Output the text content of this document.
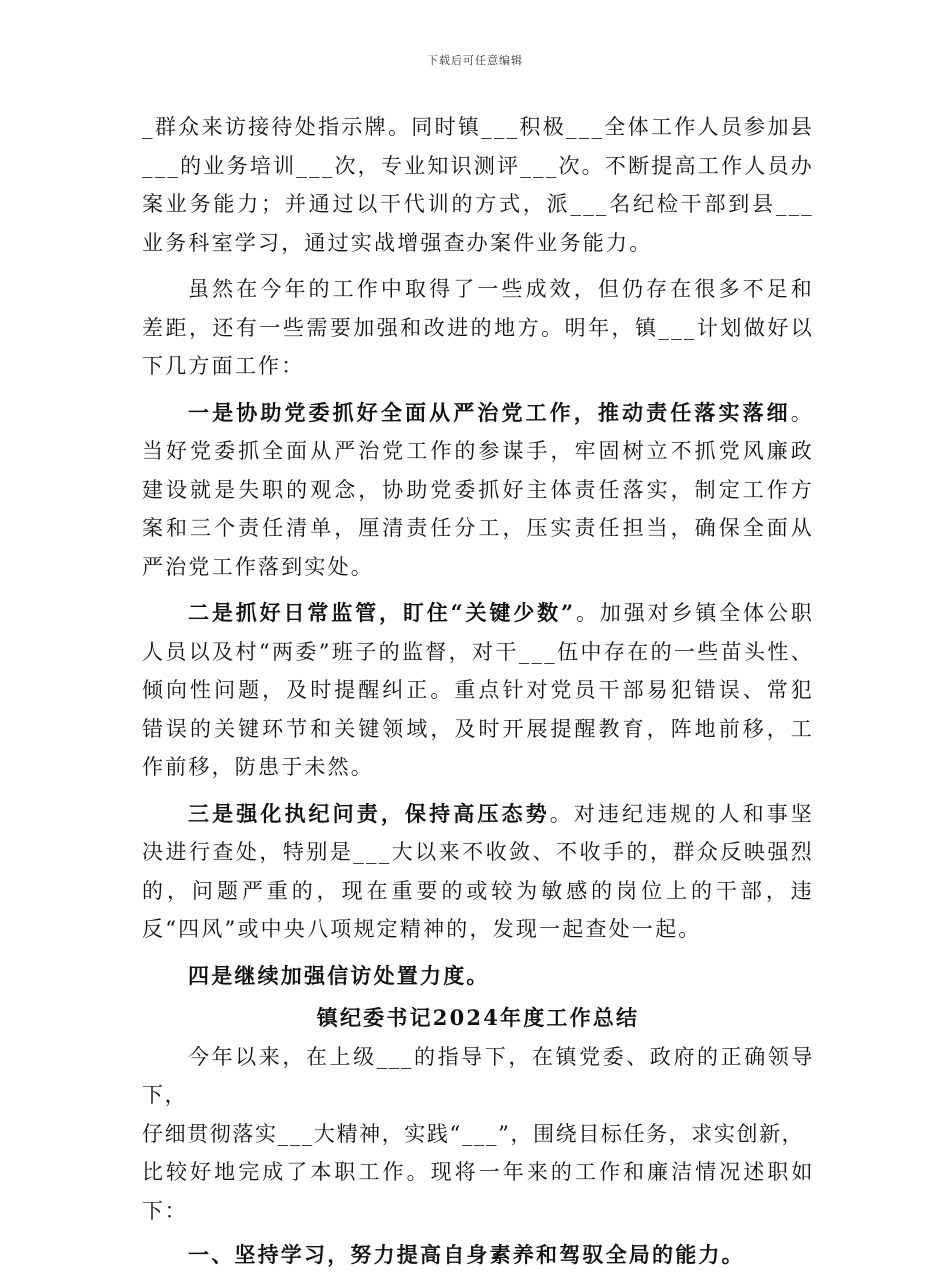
下载后可任意编辑

_群众来访接待处指示牌。同时镇___积极___全体工作人员参加县___的业务培训___次，专业知识测评___次。不断提高工作人员办案业务能力；并通过以干代训的方式，派___名纪检干部到县___业务科室学习，通过实战增强查办案件业务能力。

虽然在今年的工作中取得了一些成效，但仍存在很多不足和差距，还有一些需要加强和改进的地方。明年，镇___计划做好以下几方面工作：

一是协助党委抓好全面从严治党工作，推动责任落实落细。当好党委抓全面从严治党工作的参谋手，牢固树立不抓党风廉政建设就是失职的观念，协助党委抓好主体责任落实，制定工作方案和三个责任清单，厘清责任分工，压实责任担当，确保全面从严治党工作落到实处。

二是抓好日常监管，盯住“关键少数”。加强对乡镇全体公职人员以及村“两委”班子的监督，对干___伍中存在的一些苗头性、倾向性问题，及时提醒纠正。重点针对党员干部易犯错误、常犯错误的关键环节和关键领域，及时开展提醒教育，阵地前移，工作前移，防患于未然。

三是强化执纪问责，保持高压态势。对违纪违规的人和事坚决进行查处，特别是___大以来不收敛、不收手的，群众反映强烈的，问题严重的，现在重要的或较为敏感的岗位上的干部，违反“四风”或中央八项规定精神的，发现一起查处一起。

四是继续加强信访处置力度。

镇纪委书记2024年度工作总结

今年以来，在上级___的指导下，在镇党委、政府的正确领导下，

仔细贯彻落实___大精神，实践“___”，围绕目标任务，求实创新，

比较好地完成了本职工作。现将一年来的工作和廉洁情况述职如下：

一、坚持学习，努力提高自身素养和驾驭全局的能力。
